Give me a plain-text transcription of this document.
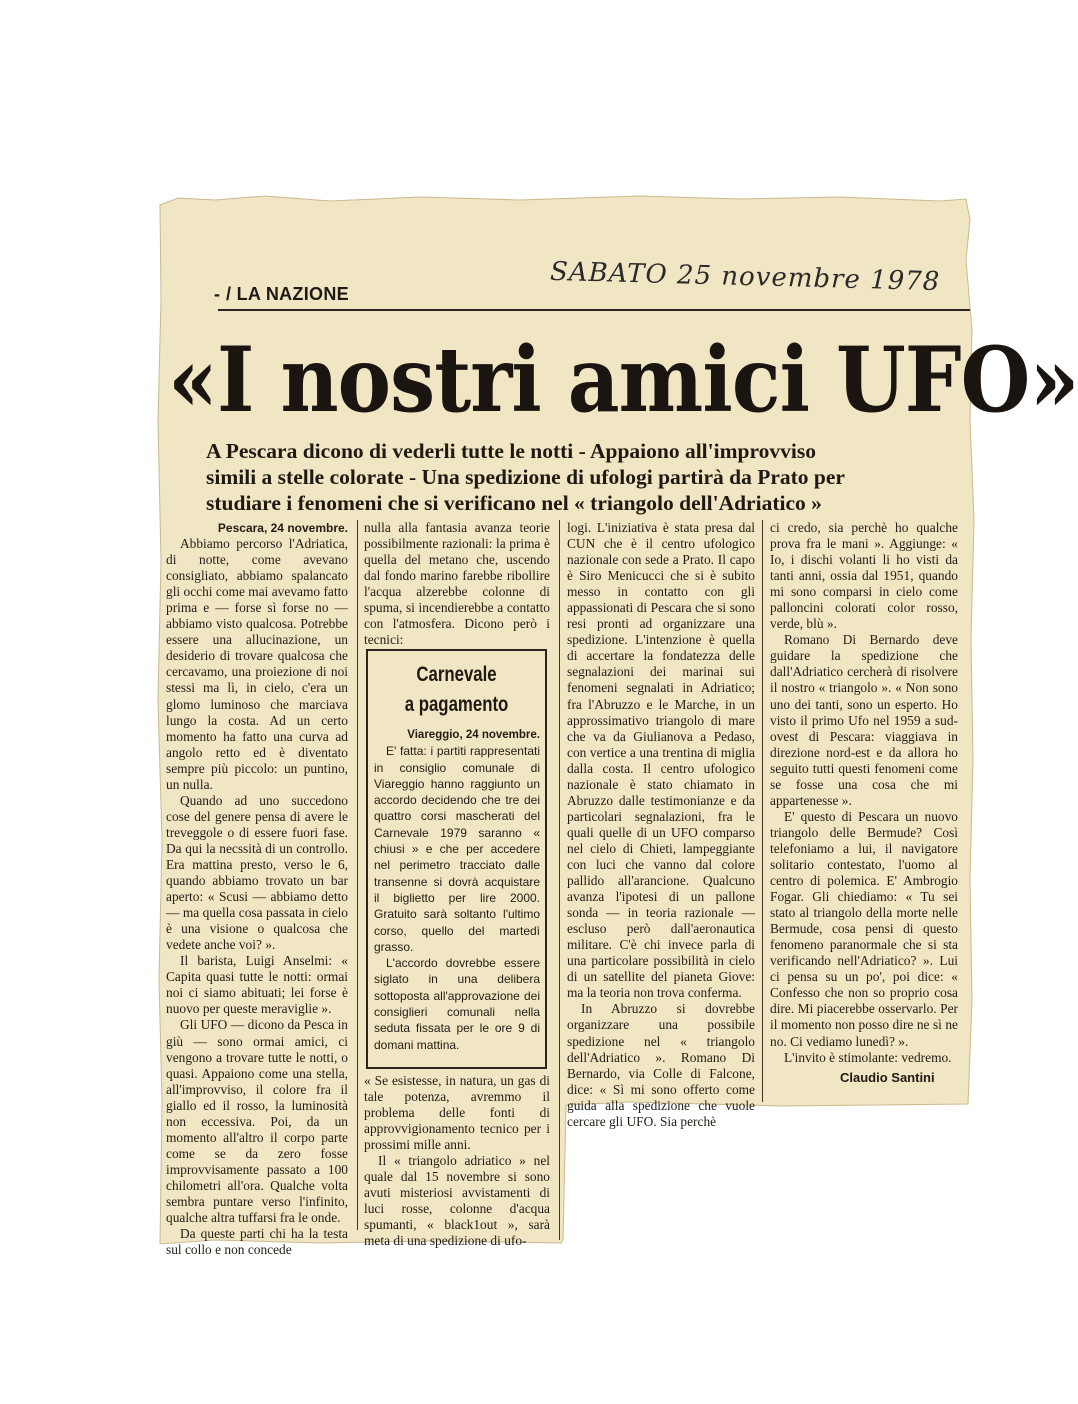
- / LA NAZIONE	SABATO 25 novembre 1978
«I nostri amici UFO»
A Pescara dicono di vederli tutte le notti - Appaiono all'improvviso
simili a stelle colorate - Una spedizione di ufologi partirà da Prato per
studiare i fenomeni che si verificano nel « triangolo dell'Adriatico »

Pescara, 24 novembre.

Abbiamo percorso l'Adriatica, di notte, come avevano consigliato, abbiamo spalancato gli occhi come mai avevamo fatto prima e — forse sì forse no — abbiamo visto qualcosa. Potrebbe essere una allucinazione, un desiderio di trovare qualcosa che cercavamo, una proiezione di noi stessi ma lì, in cielo, c'era un glomo luminoso che marciava lungo la costa. Ad un certo momento ha fatto una curva ad angolo retto ed è diventato sempre più piccolo: un puntino, un nulla.

Quando ad uno succedono cose del genere pensa di avere le treveggole o di essere fuori fase. Da qui la necssità di un controllo. Era mattina presto, verso le 6, quando abbiamo trovato un bar aperto: « Scusi — abbiamo detto — ma quella cosa passata in cielo è una visione o qualcosa che vedete anche voi? ».

Il barista, Luigi Anselmi: « Capita quasi tutte le notti: ormai noi ci siamo abituati; lei forse è nuovo per queste meraviglie ».

Gli UFO — dicono da Pesca in giù — sono ormai amici, ci vengono a trovare tutte le notti, o quasi. Appaiono come una stella, all'improvviso, il colore fra il giallo ed il rosso, la luminosità non eccessiva. Poi, da un momento all'altro il corpo parte come se da zero fosse improvvisamente passato a 100 chilometri all'ora. Qualche volta sembra puntare verso l'infinito, qualche altra tuffarsi fra le onde.

Da queste parti chi ha la testa sul collo e non concede

nulla alla fantasia avanza teorie possibilmente razionali: la prima è quella del metano che, uscendo dal fondo marino farebbe ribollire l'acqua alzerebbe colonne di spuma, si incendierebbe a contatto con l'atmosfera. Dicono però i tecnici:

Carnevale
a pagamento

Viareggio, 24 novembre.

E' fatta: i partiti rappresentati in consiglio comunale di Viareggio hanno raggiunto un accordo decidendo che tre dei quattro corsi mascherati del Carnevale 1979 saranno « chiusi » e che per accedere nel perimetro tracciato dalle transenne si dovrà acquistare il biglietto per lire 2000. Gratuito sarà soltanto l'ultimo corso, quello del martedì grasso.

L'accordo dovrebbe essere siglato in una delibera sottoposta all'approvazione dei consiglieri comunali nella seduta fissata per le ore 9 di domani mattina.

« Se esistesse, in natura, un gas di tale potenza, avremmo il problema delle fonti di approvvigionamento tecnico per i prossimi mille anni.

Il « triangolo adriatico » nel quale dal 15 novembre si sono avuti misteriosi avvistamenti di luci rosse, colonne d'acqua spumanti, « black1out », sarà meta di una spedizione di ufo-

logi. L'iniziativa è stata presa dal CUN che è il centro ufologico nazionale con sede a Prato. Il capo è Siro Menicucci che si è subito messo in contatto con gli appassionati di Pescara che si sono resi pronti ad organizzare una spedizione. L'intenzione è quella di accertare la fondatezza delle segnalazioni dei marinai sui fenomeni segnalati in Adriatico; fra l'Abruzzo e le Marche, in un approssimativo triangolo di mare che va da Giulianova a Pedaso, con vertice a una trentina di miglia dalla costa. Il centro ufologico nazionale è stato chiamato in Abruzzo dalle testimonianze e da particolari segnalazioni, fra le quali quelle di un UFO comparso nel cielo di Chieti, lampeggiante con luci che vanno dal colore pallido all'arancione. Qualcuno avanza l'ipotesi di un pallone sonda — in teoria razionale — escluso però dall'aeronautica militare. C'è chi invece parla di una particolare possibilità in cielo di un satellite del pianeta Giove: ma la teoria non trova conferma.

In Abruzzo si dovrebbe organizzare una possibile spedizione nel « triangolo dell'Adriatico ». Romano Di Bernardo, via Colle di Falcone, dice: « Sì mi sono offerto come guida alla spedizione che vuole cercare gli UFO. Sia perchè

ci credo, sia perchè ho qualche prova fra le mani ». Aggiunge: « Io, i dischi volanti li ho visti da tanti anni, ossia dal 1951, quando mi sono comparsi in cielo come palloncini colorati color rosso, verde, blù ».

Romano Di Bernardo deve guidare la spedizione che dall'Adriatico cercherà di risolvere il nostro « triangolo ». « Non sono uno dei tanti, sono un esperto. Ho visto il primo Ufo nel 1959 a sud-ovest di Pescara: viaggiava in direzione nord-est e da allora ho seguito tutti questi fenomeni come se fosse una cosa che mi appartenesse ».

E' questo di Pescara un nuovo triangolo delle Bermude? Così telefoniamo a lui, il navigatore solitario contestato, l'uomo al centro di polemica. E' Ambrogio Fogar. Gli chiediamo: « Tu sei stato al triangolo della morte nelle Bermude, cosa pensi di questo fenomeno paranormale che si sta verificando nell'Adriatico? ». Lui ci pensa su un po', poi dice: « Confesso che non so proprio cosa dire. Mi piacerebbe osservarlo. Per il momento non posso dire ne sì ne no. Ci vediamo lunedì? ».

L'invito è stimolante: vedremo.

Claudio Santini
